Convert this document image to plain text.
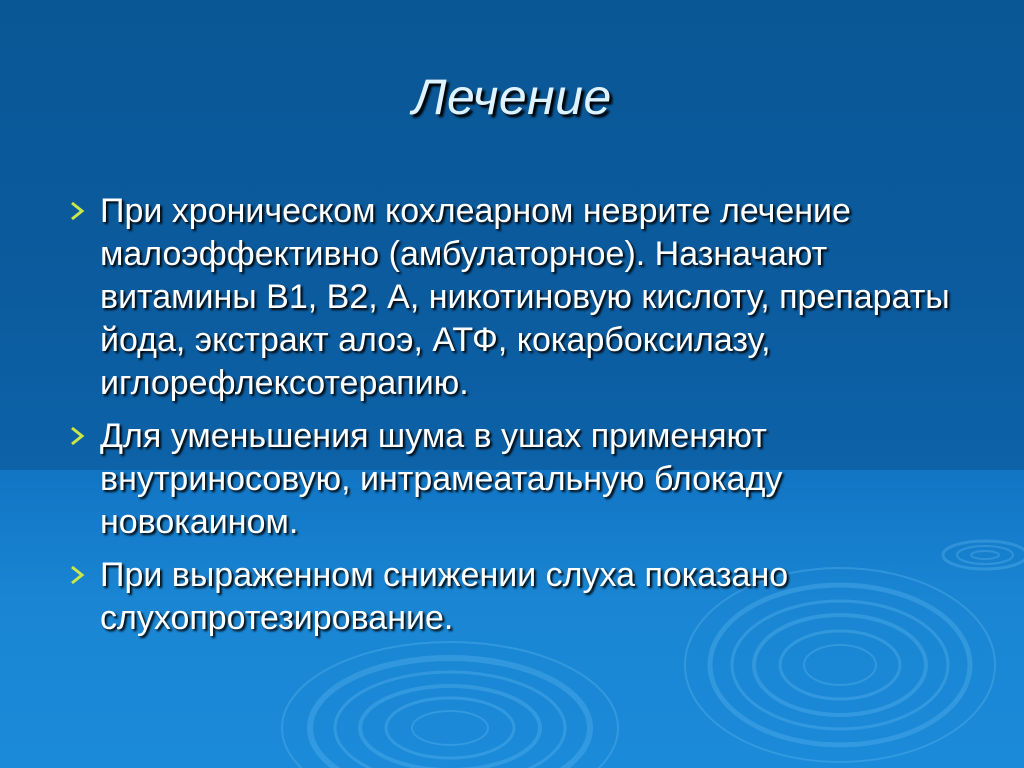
Лечение
При хроническом кохлеарном неврите лечение малоэффективно (амбулаторное). Назначают витамины В1, В2, А, никотиновую кислоту, препараты йода, экстракт алоэ, АТФ, кокарбоксилазу, иглорефлексотерапию.
Для уменьшения шума в ушах применяют внутриносовую, интрамеатальную блокаду новокаином.
При выраженном снижении слуха показано слухопротезирование.
